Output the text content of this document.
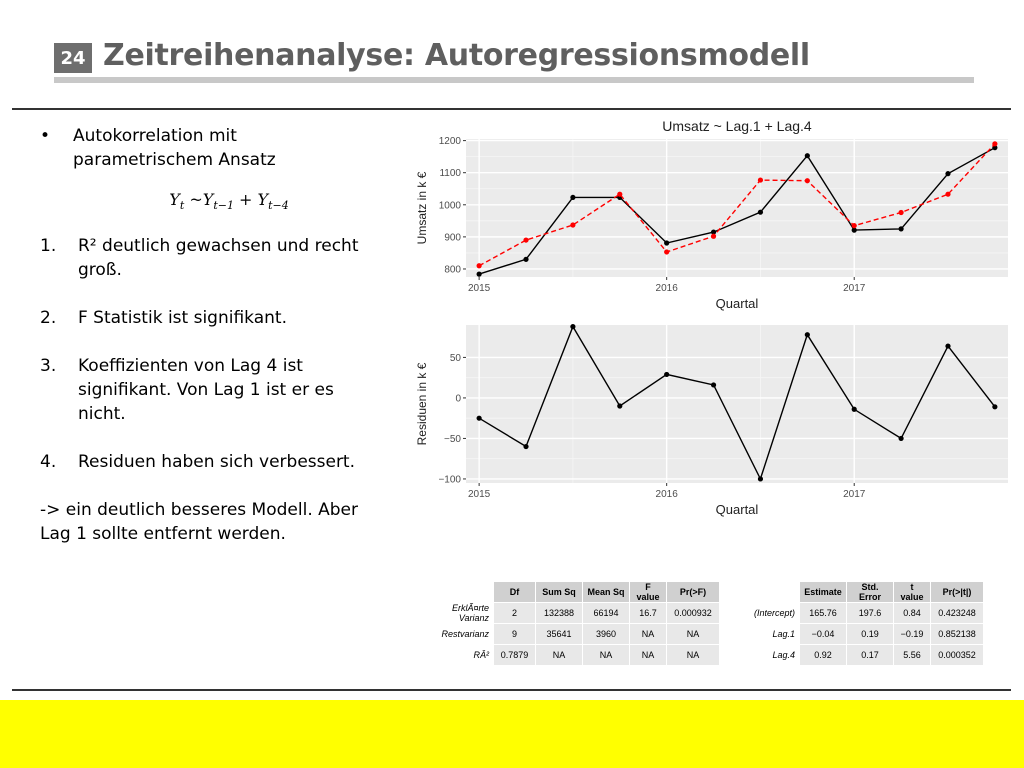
24 Zeitreihenanalyse: Autoregressionsmodell
• Autokorrelation mit
parametrischem Ansatz
$Y_t$ $\sim Y_{t-1} + Y_{t-4}$
1. R² deutlich gewachsen und recht
groß.
2. F Statistik ist signifikant.
3. Koeffizienten von Lag 4 ist
signifikant. Von Lag 1 ist er es
nicht.
4. Residuen haben sich verbessert.
-> ein deutlich besseres Modell. Aber
Lag 1 sollte entfernt werden.
800
900
1000
1100
1200
2015	2016	2017
Umsatz ~ Lag.1 + Lag.4
Quartal
Umsatz in k €
50
0
−50
−100
2015	2016	2017
Quartal
Residuen in k €
	Df	Sum Sq	Mean Sq	F value	Pr(>F)
ErklÃ¤rte Varianz	2	132388	66194	16.7	0.000932
Restvarianz	9	35641	3960	NA	NA
RÂ²	0.7879	NA	NA	NA	NA
	Estimate	Std. Error	t value	Pr(>|t|)
(Intercept)	165.76	197.6	0.84	0.423248
Lag.1	−0.04	0.19	−0.19	0.852138
Lag.4	0.92	0.17	5.56	0.000352
